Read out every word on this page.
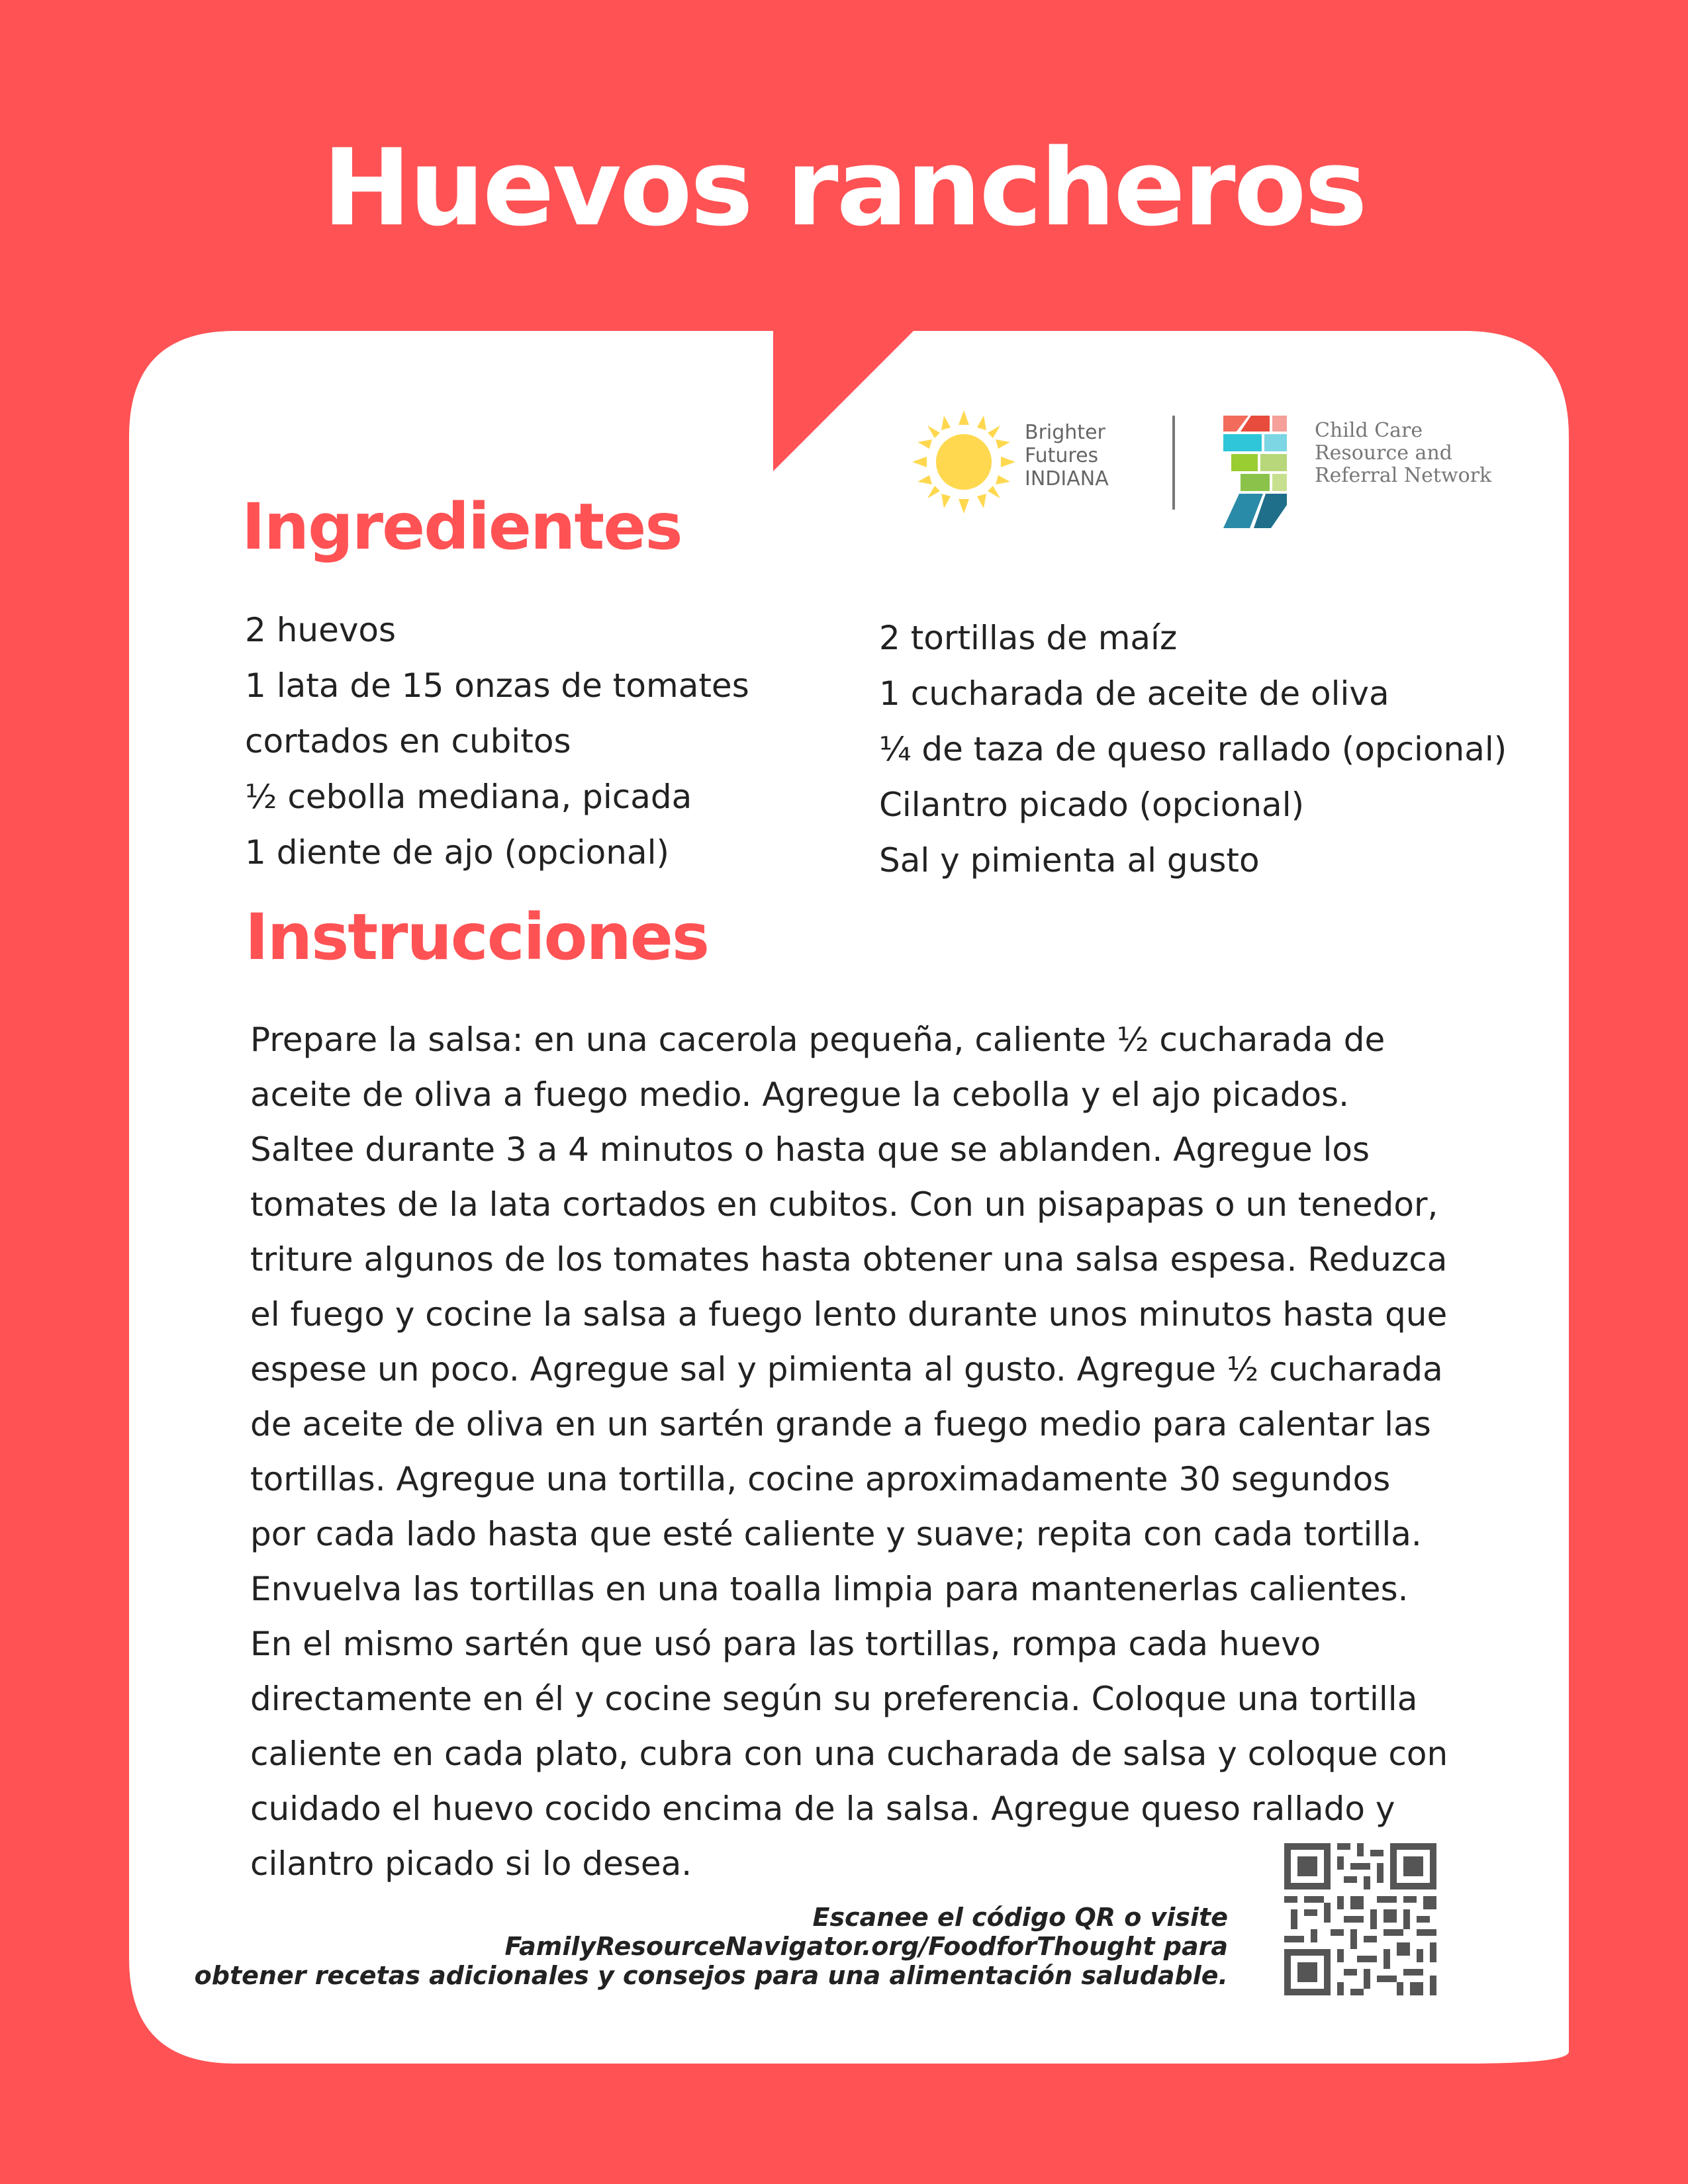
Huevos rancheros
Brighter
Futures
INDIANA
Child Care
Resource and
Referral Network
Ingredientes
2 huevos
1 lata de 15 onzas de tomates
cortados en cubitos
½ cebolla mediana, picada
1 diente de ajo (opcional)
2 tortillas de maíz
1 cucharada de aceite de oliva
¼ de taza de queso rallado (opcional)
Cilantro picado (opcional)
Sal y pimienta al gusto
Instrucciones

Prepare la salsa: en una cacerola pequeña, caliente ½ cucharada de aceite de oliva a fuego medio. Agregue la cebolla y el ajo picados. Saltee durante 3 a 4 minutos o hasta que se ablanden. Agregue los tomates de la lata cortados en cubitos. Con un pisapapas o un tenedor, triture algunos de los tomates hasta obtener una salsa espesa. Reduzca el fuego y cocine la salsa a fuego lento durante unos minutos hasta que espese un poco. Agregue sal y pimienta al gusto. Agregue ½ cucharada de aceite de oliva en un sartén grande a fuego medio para calentar las tortillas. Agregue una tortilla, cocine aproximadamente 30 segundos por cada lado hasta que esté caliente y suave; repita con cada tortilla. Envuelva las tortillas en una toalla limpia para mantenerlas calientes. En el mismo sartén que usó para las tortillas, rompa cada huevo directamente en él y cocine según su preferencia. Coloque una tortilla caliente en cada plato, cubra con una cucharada de salsa y coloque con cuidado el huevo cocido encima de la salsa. Agregue queso rallado y cilantro picado si lo desea.

Escanee el código QR o visite FamilyResourceNavigator.org/FoodforThought para

obtener recetas adicionales y consejos para una alimentación saludable.
